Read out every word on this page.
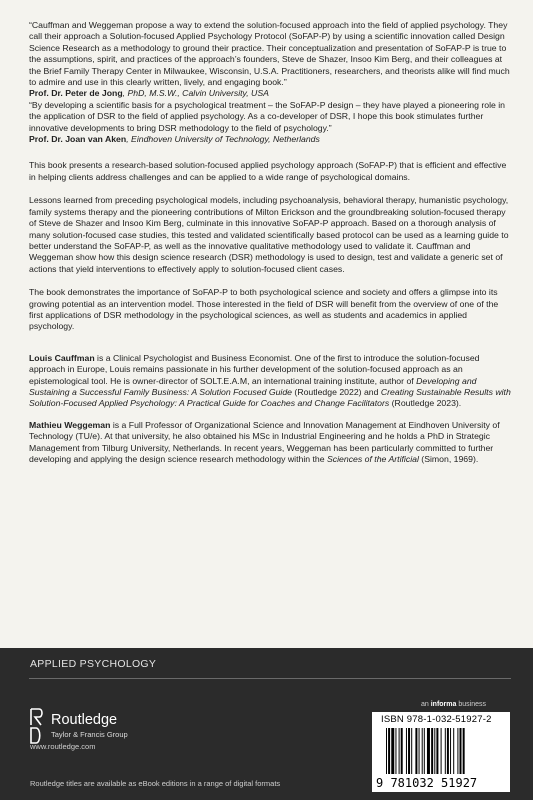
“Cauffman and Weggeman propose a way to extend the solution-focused approach into the field of applied psychology. They call their approach a Solution-focused Applied Psychology Protocol (SoFAP-P) by using a scientific innovation called Design Science Research as a methodology to ground their practice. Their conceptualization and presentation of SoFAP-P is true to the assumptions, spirit, and practices of the approach’s founders, Steve de Shazer, Insoo Kim Berg, and their colleagues at the Brief Family Therapy Center in Milwaukee, Wisconsin, U.S.A. Practitioners, researchers, and theorists alike will find much to admire and use in this clearly written, lively, and engaging book.”
Prof. Dr. Peter de Jong, PhD, M.S.W., Calvin University, USA

“By developing a scientific basis for a psychological treatment – the SoFAP-P design – they have played a pioneering role in the application of DSR to the field of applied psychology. As a co-developer of DSR, I hope this book stimulates further innovative developments to bring DSR methodology to the field of psychology.”
Prof. Dr. Joan van Aken, Eindhoven University of Technology, Netherlands

This book presents a research-based solution-focused applied psychology approach (SoFAP-P) that is efficient and effective in helping clients address challenges and can be applied to a wide range of psychological domains.

Lessons learned from preceding psychological models, including psychoanalysis, behavioral therapy, humanistic psychology, family systems therapy and the pioneering contributions of Milton Erickson and the groundbreaking solution-focused therapy of Steve de Shazer and Insoo Kim Berg, culminate in this innovative SoFAP-P approach. Based on a thorough analysis of many solution-focused case studies, this tested and validated scientifically based protocol can be used as a learning guide to better understand the SoFAP-P, as well as the innovative qualitative methodology used to validate it. Cauffman and Weggeman show how this design science research (DSR) methodology is used to design, test and validate a generic set of actions that yield interventions to effectively apply to solution-focused client cases.

The book demonstrates the importance of SoFAP-P to both psychological science and society and offers a glimpse into its growing potential as an intervention model. Those interested in the field of DSR will benefit from the overview of one of the first applications of DSR methodology in the psychological sciences, as well as students and academics in applied psychology.

Louis Cauffman is a Clinical Psychologist and Business Economist. One of the first to introduce the solution-focused approach in Europe, Louis remains passionate in his further development of the solution-focused approach as an epistemological tool. He is owner-director of SOLT.E.A.M, an international training institute, author of Developing and Sustaining a Successful Family Business: A Solution Focused Guide (Routledge 2022) and Creating Sustainable Results with Solution-Focused Applied Psychology: A Practical Guide for Coaches and Change Facilitators (Routledge 2023).

Mathieu Weggeman is a Full Professor of Organizational Science and Innovation Management at Eindhoven University of Technology (TU/e). At that university, he also obtained his MSc in Industrial Engineering and he holds a PhD in Strategic Management from Tilburg University, Netherlands. In recent years, Weggeman has been particularly committed to further developing and applying the design science research methodology within the Sciences of the Artificial (Simon, 1969).

APPLIED PSYCHOLOGY
Routledge
Taylor & Francis Group
www.routledge.com
Routledge titles are available as eBook editions in a range of digital formats
an informa business
ISBN 978-1-032-51927-2
9 781032 51927
